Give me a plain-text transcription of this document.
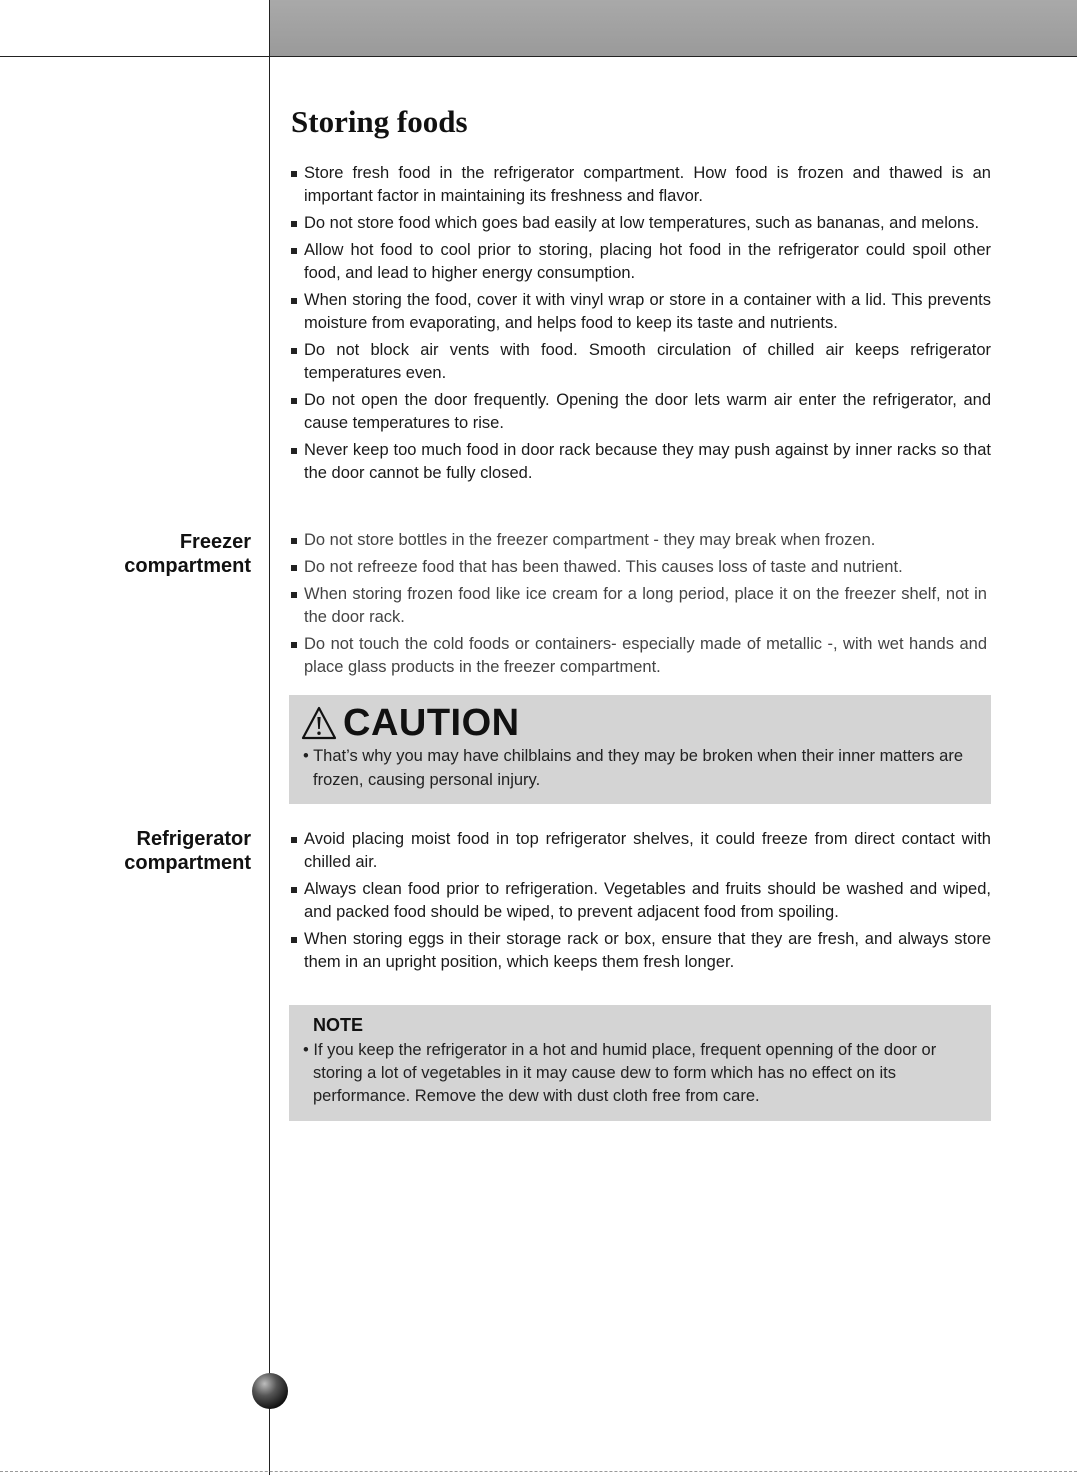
Storing foods
Store fresh food in the refrigerator compartment. How food is frozen and thawed is an important factor in maintaining its freshness and flavor.
Do not store food which goes bad easily at low temperatures, such as bananas, and melons.
Allow hot food to cool prior to storing, placing hot food in the refrigerator could spoil other food, and lead to higher energy consumption.
When storing the food, cover it with vinyl wrap or store in a container with a lid. This prevents moisture from evaporating, and helps food to keep its taste and nutrients.
Do not block air vents with food. Smooth circulation of chilled air keeps refrigerator temperatures even.
Do not open the door frequently. Opening the door lets warm air enter the refrigerator, and cause temperatures to rise.
Never keep too much food in door rack because they may push against by inner racks so that the door cannot be fully closed.
Freezer
compartment
Do not store bottles in the freezer compartment - they may break when frozen.
Do not refreeze food that has been thawed. This causes loss of taste and nutrient.
When storing frozen food like ice cream for a long period, place it on the freezer shelf, not in the door rack.
Do not touch the cold foods or containers- especially made of metallic -, with wet hands and place glass products in the freezer compartment.
CAUTION
• That’s why you may have chilblains and they may be broken when their inner matters are frozen, causing personal injury.
Refrigerator
compartment
Avoid placing moist food in top refrigerator shelves, it could freeze from direct contact with chilled air.
Always clean food prior to refrigeration. Vegetables and fruits should be washed and wiped, and packed food should be wiped, to prevent adjacent food from spoiling.
When storing eggs in their storage rack or box, ensure that they are fresh, and always store them in an upright position, which keeps them fresh longer.
NOTE
• If you keep the refrigerator in a hot and humid place, frequent openning of the door or storing a lot of vegetables in it may cause dew to form which has no effect on its performance. Remove the dew with dust cloth free from care.
